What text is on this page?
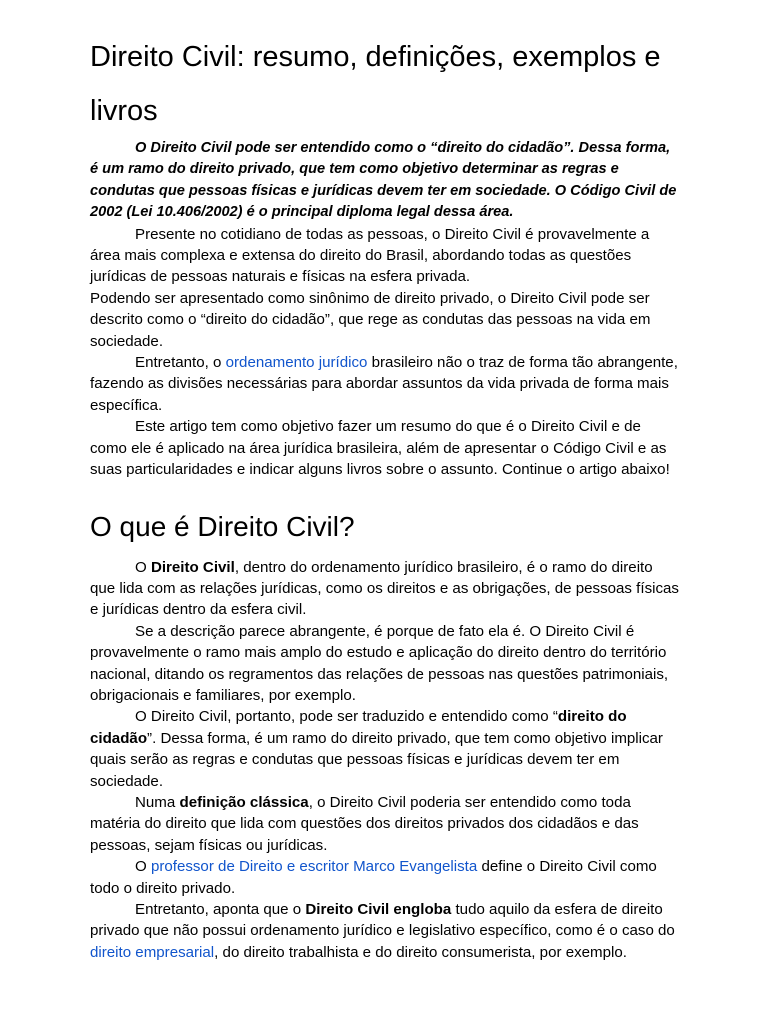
Direito Civil: resumo, definições, exemplos e livros

O Direito Civil pode ser entendido como o “direito do cidadão”. Dessa forma, é um ramo do direito privado, que tem como objetivo determinar as regras e condutas que pessoas físicas e jurídicas devem ter em sociedade. O Código Civil de 2002 (Lei 10.406/2002) é o principal diploma legal dessa área.

Presente no cotidiano de todas as pessoas, o Direito Civil é provavelmente a área mais complexa e extensa do direito do Brasil, abordando todas as questões jurídicas de pessoas naturais e físicas na esfera privada.

Podendo ser apresentado como sinônimo de direito privado, o Direito Civil pode ser descrito como o “direito do cidadão”, que rege as condutas das pessoas na vida em sociedade.

Entretanto, o ordenamento jurídico brasileiro não o traz de forma tão abrangente, fazendo as divisões necessárias para abordar assuntos da vida privada de forma mais específica.

Este artigo tem como objetivo fazer um resumo do que é o Direito Civil e de como ele é aplicado na área jurídica brasileira, além de apresentar o Código Civil e as suas particularidades e indicar alguns livros sobre o assunto. Continue o artigo abaixo!

O que é Direito Civil?

O Direito Civil, dentro do ordenamento jurídico brasileiro, é o ramo do direito que lida com as relações jurídicas, como os direitos e as obrigações, de pessoas físicas e jurídicas dentro da esfera civil.

Se a descrição parece abrangente, é porque de fato ela é. O Direito Civil é provavelmente o ramo mais amplo do estudo e aplicação do direito dentro do território nacional, ditando os regramentos das relações de pessoas nas questões patrimoniais, obrigacionais e familiares, por exemplo.

O Direito Civil, portanto, pode ser traduzido e entendido como “direito do cidadão”. Dessa forma, é um ramo do direito privado, que tem como objetivo implicar quais serão as regras e condutas que pessoas físicas e jurídicas devem ter em sociedade.

Numa definição clássica, o Direito Civil poderia ser entendido como toda matéria do direito que lida com questões dos direitos privados dos cidadãos e das pessoas, sejam físicas ou jurídicas.

O professor de Direito e escritor Marco Evangelista define o Direito Civil como todo o direito privado.

Entretanto, aponta que o Direito Civil engloba tudo aquilo da esfera de direito privado que não possui ordenamento jurídico e legislativo específico, como é o caso do direito empresarial, do direito trabalhista e do direito consumerista, por exemplo.
